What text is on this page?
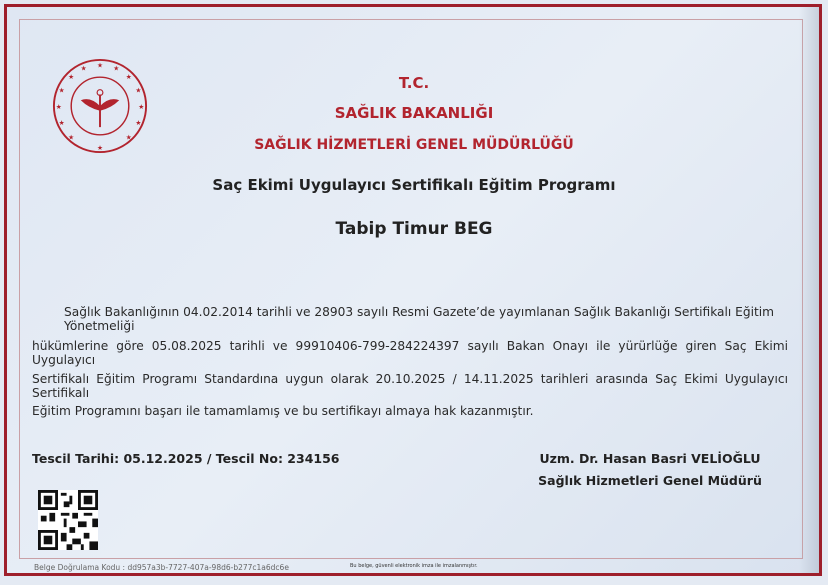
★
★
★	★
★	★
★	★
★	★
★	★
★	★
T.C.
SAĞLIK BAKANLIĞI
SAĞLIK HİZMETLERİ GENEL MÜDÜRLÜĞÜ
Saç Ekimi Uygulayıcı Sertifikalı Eğitim Programı
Tabip Timur BEG
Sağlık Bakanlığının 04.02.2014 tarihli ve 28903 sayılı Resmi Gazete’de yayımlanan Sağlık Bakanlığı Sertifikalı Eğitim Yönetmeliği
hükümlerine göre 05.08.2025 tarihli ve 99910406-799-284224397 sayılı Bakan Onayı ile yürürlüğe giren Saç Ekimi Uygulayıcı
Sertifikalı Eğitim Programı Standardına uygun olarak 20.10.2025 / 14.11.2025 tarihleri arasında Saç Ekimi Uygulayıcı Sertifikalı
Eğitim Programını başarı ile tamamlamış ve bu sertifikayı almaya hak kazanmıştır.
Tescil Tarihi: 05.12.2025 / Tescil No: 234156	Uzm. Dr. Hasan Basri VELİOĞLU
Sağlık Hizmetleri Genel Müdürü
Belge Doğrulama Kodu : dd957a3b-7727-407a-98d6-b277c1a6dc6e	Bu belge, güvenli elektronik imza ile imzalanmıştır.
